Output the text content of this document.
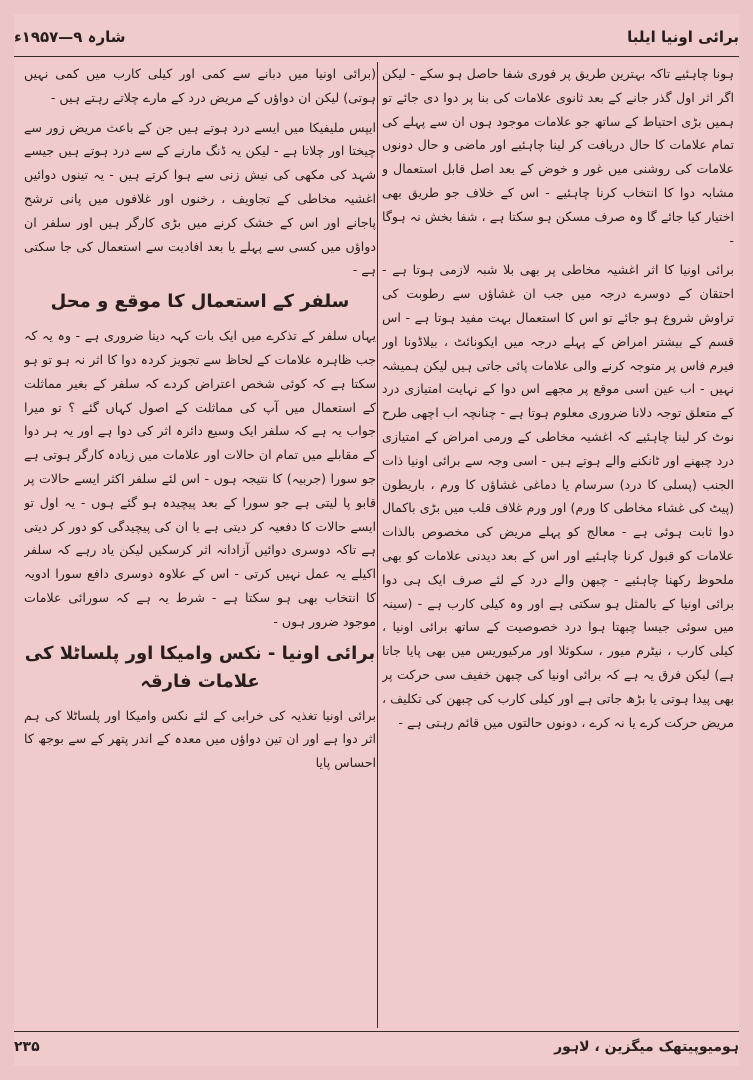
برائی اونیا ایلبا
شارہ ۹—۱۹۵۷ء

ہونا چاہئیے تاکہ بہترین طریق پر فوری شفا حاصل ہو سکے - لیکن اگر اثر اول گذر جانے کے بعد ثانوی علامات کی بنا پر دوا دی جائے تو ہمیں بڑی احتیاط کے ساتھ جو علامات موجود ہوں ان سے پہلے کی تمام علامات کا حال دریافت کر لینا چاہئیے اور ماضی و حال دونوں علامات کی روشنی میں غور و خوض کے بعد اصل قابل استعمال و مشابہ دوا کا انتخاب کرنا چاہئیے - اس کے خلاف جو طریق بھی اختیار کیا جائے گا وہ صرف مسکن ہو سکتا ہے ، شفا بخش نہ ہوگا -

برائی اونیا کا اثر اغشیہ مخاطی پر بھی بلا شبہ لازمی ہوتا ہے - احتقان کے دوسرے درجہ میں جب ان غشاؤں سے رطوبت کی تراوش شروع ہو جائے تو اس کا استعمال بہت مفید ہوتا ہے - اس قسم کے بیشتر امراض کے پہلے درجہ میں ایکونائٹ ، بیلاڈونا اور فیرم فاس پر متوجہ کرنے والی علامات پائی جاتی ہیں لیکن ہمیشہ نہیں - اب عین اسی موقع پر مجھے اس دوا کے نہایت امتیازی درد کے متعلق توجہ دلانا ضروری معلوم ہوتا ہے - چنانچہ اب اچھی طرح نوٹ کر لینا چاہئیے کہ اغشیہ مخاطی کے ورمی امراض کے امتیازی درد چبھنے اور ٹانکنے والے ہوتے ہیں - اسی وجہ سے برائی اونیا ذات الجنب (پسلی کا درد) سرسام یا دماغی غشاؤں کا ورم ، باریطون (پیٹ کی غشاء مخاطی کا ورم) اور ورم غلاف قلب میں بڑی باکمال دوا ثابت ہوئی ہے - معالج کو پہلے مریض کی مخصوص بالذات علامات کو قبول کرنا چاہئیے اور اس کے بعد دیدنی علامات کو بھی ملحوظ رکھنا چاہئیے - چبھن والے درد کے لئے صرف ایک ہی دوا برائی اونیا کے بالمثل ہو سکتی ہے اور وہ کیلی کارب ہے - (سینہ میں سوئی جیسا چبھتا ہوا درد خصوصیت کے ساتھ برائی اونیا ، کیلی کارب ، نیٹرم میور ، سکوئلا اور مرکیوریس میں بھی پایا جاتا ہے) لیکن فرق یہ ہے کہ برائی اونیا کی چبھن خفیف سی حرکت پر بھی پیدا ہوتی یا بڑھ جاتی ہے اور کیلی کارب کی چبھن کی تکلیف ، مریض حرکت کرے یا نہ کرے ، دونوں حالتوں میں قائم رہتی ہے -

(برائی اونیا میں دبانے سے کمی اور کیلی کارب میں کمی نہیں ہوتی) لیکن ان دواؤں کے مریض درد کے مارے چلاتے رہتے ہیں -

ایپس ملیفیکا میں ایسے درد ہوتے ہیں جن کے باعث مریض زور سے چیختا اور چلاتا ہے - لیکن یہ ڈنگ مارنے کے سے درد ہوتے ہیں جیسے شہد کی مکھی کی نیش زنی سے ہوا کرتے ہیں - یہ تینوں دوائیں اغشیہ مخاطی کے تجاویف ، رخنوں اور غلافوں میں پانی ترشح پاجانے اور اس کے خشک کرنے میں بڑی کارگر ہیں اور سلفر ان دواؤں میں کسی سے پہلے یا بعد افادیت سے استعمال کی جا سکتی ہے -

سلفر کے استعمال کا موقع و محل

یہاں سلفر کے تذکرے میں ایک بات کہہ دینا ضروری ہے - وہ یہ کہ جب ظاہرہ علامات کے لحاظ سے تجویز کردہ دوا کا اثر نہ ہو تو ہو سکتا ہے کہ کوئی شخص اعتراض کردے کہ سلفر کے بغیر مماثلت کے استعمال میں آپ کی مماثلت کے اصول کہاں گئے ؟ تو میرا جواب یہ ہے کہ سلفر ایک وسیع دائرہ اثر کی دوا ہے اور یہ ہر دوا کے مقابلے میں تمام ان حالات اور علامات میں زیادہ کارگر ہوتی ہے جو سورا (جربیہ) کا نتیجہ ہوں - اس لئے سلفر اکثر ایسے حالات پر قابو پا لیتی ہے جو سورا کے بعد پیچیدہ ہو گئے ہوں - یہ اول تو ایسے حالات کا دفعیہ کر دیتی ہے یا ان کی پیچیدگی کو دور کر دیتی ہے تاکہ دوسری دوائیں آزادانہ اثر کرسکیں لیکن یاد رہے کہ سلفر اکیلے یہ عمل نہیں کرتی - اس کے علاوہ دوسری دافع سورا ادویہ کا انتخاب بھی ہو سکتا ہے - شرط یہ ہے کہ سورائی علامات موجود ضرور ہوں -

برائی اونیا - نکس وامیکا اور پلساٹلا کی علامات فارقہ

برائی اونیا تغذیہ کی خرابی کے لئے نکس وامیکا اور پلساٹلا کی ہم اثر دوا ہے اور ان تین دواؤں میں معدہ کے اندر پتھر کے سے بوجھ کا احساس پایا

ہومیوپیتھک میگزین ، لاہور
۲۳۵
